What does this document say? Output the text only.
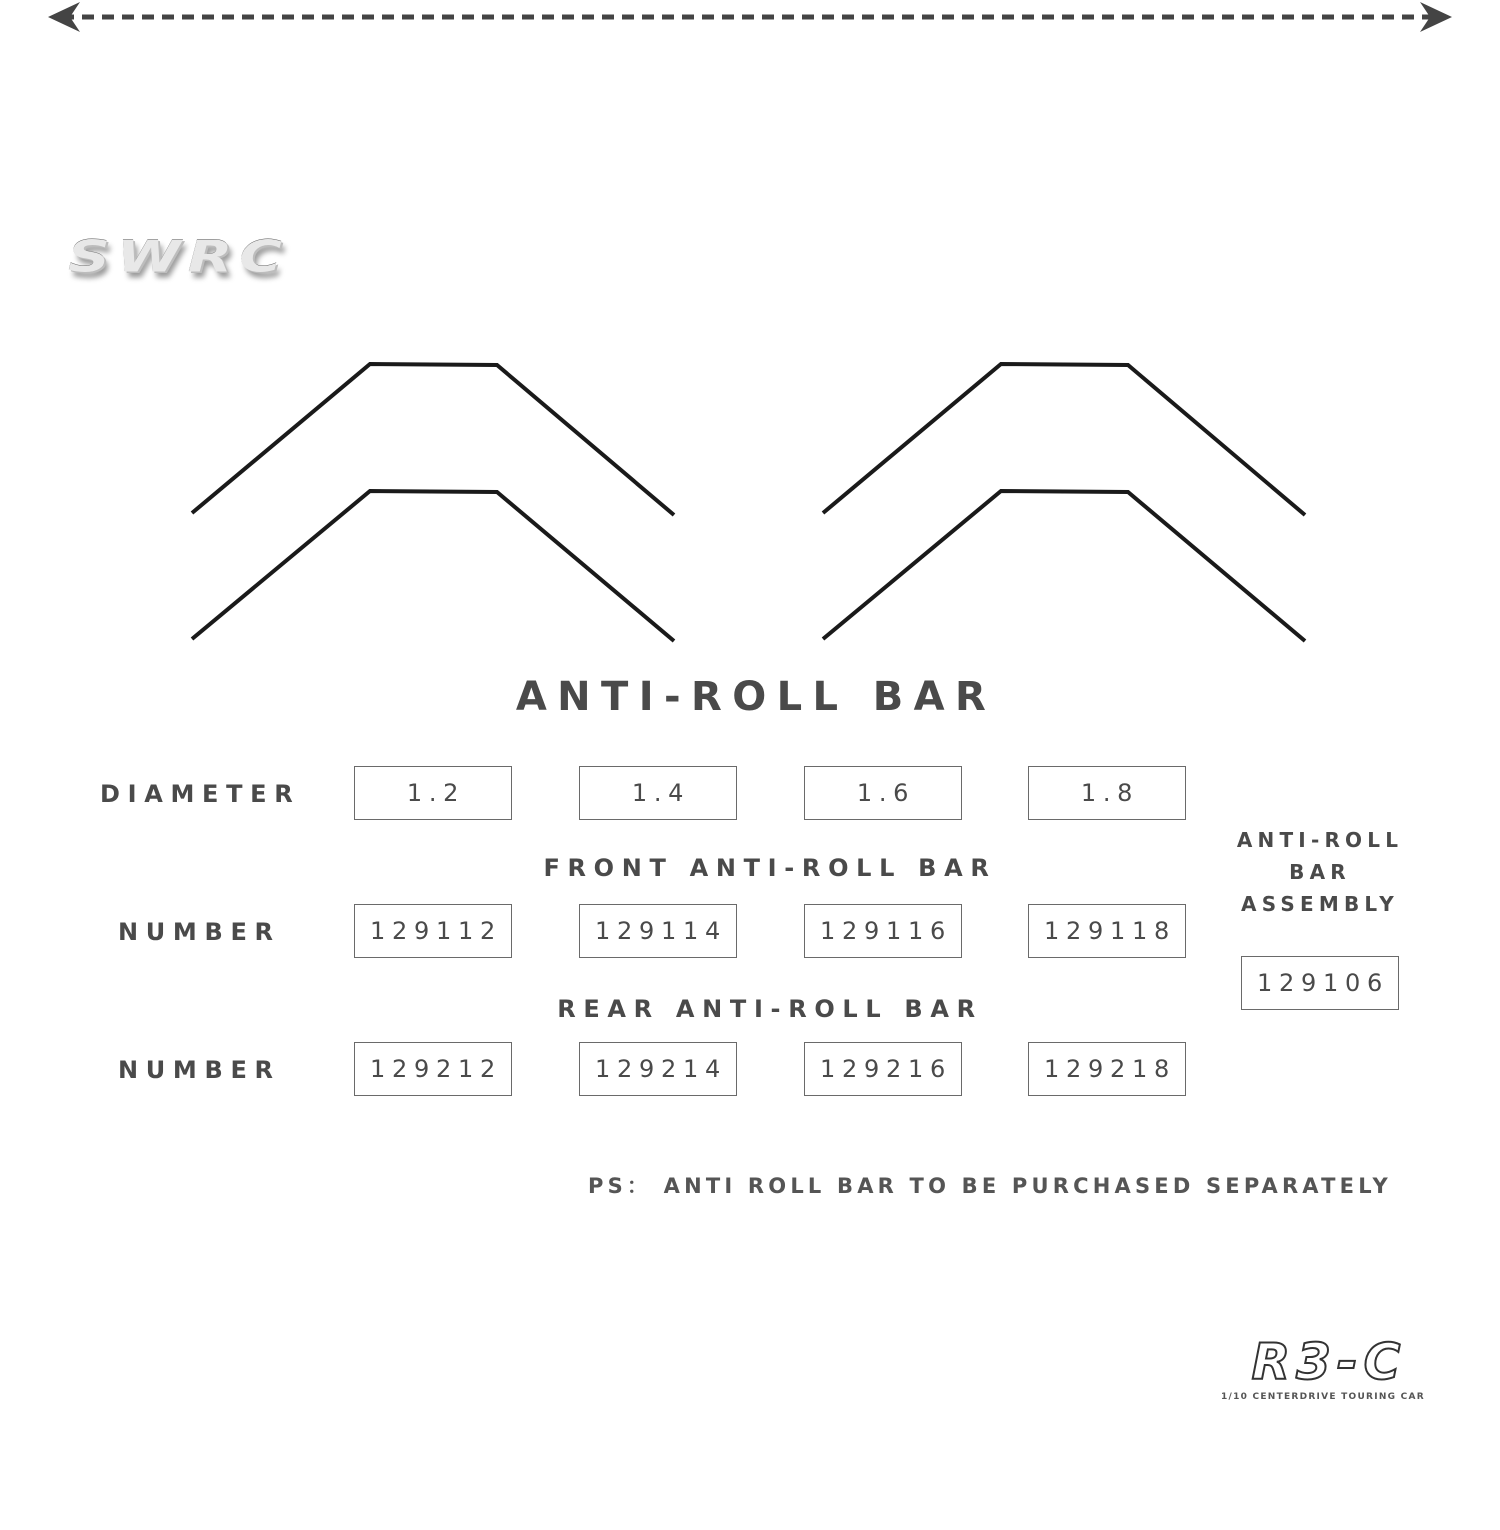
SWRC
ANTI-ROLL BAR
DIAMETER	1.2	1.4	1.6	1.8
FRONT ANTI-ROLL BAR
NUMBER	129112	129114	129116	129118
REAR ANTI-ROLL BAR
NUMBER	129212	129214	129216	129218
ANTI-ROLL
BAR
ASSEMBLY
129106
PS： ANTI ROLL BAR TO BE PURCHASED SEPARATELY
R3-C
1/10 CENTERDRIVE TOURING CAR
